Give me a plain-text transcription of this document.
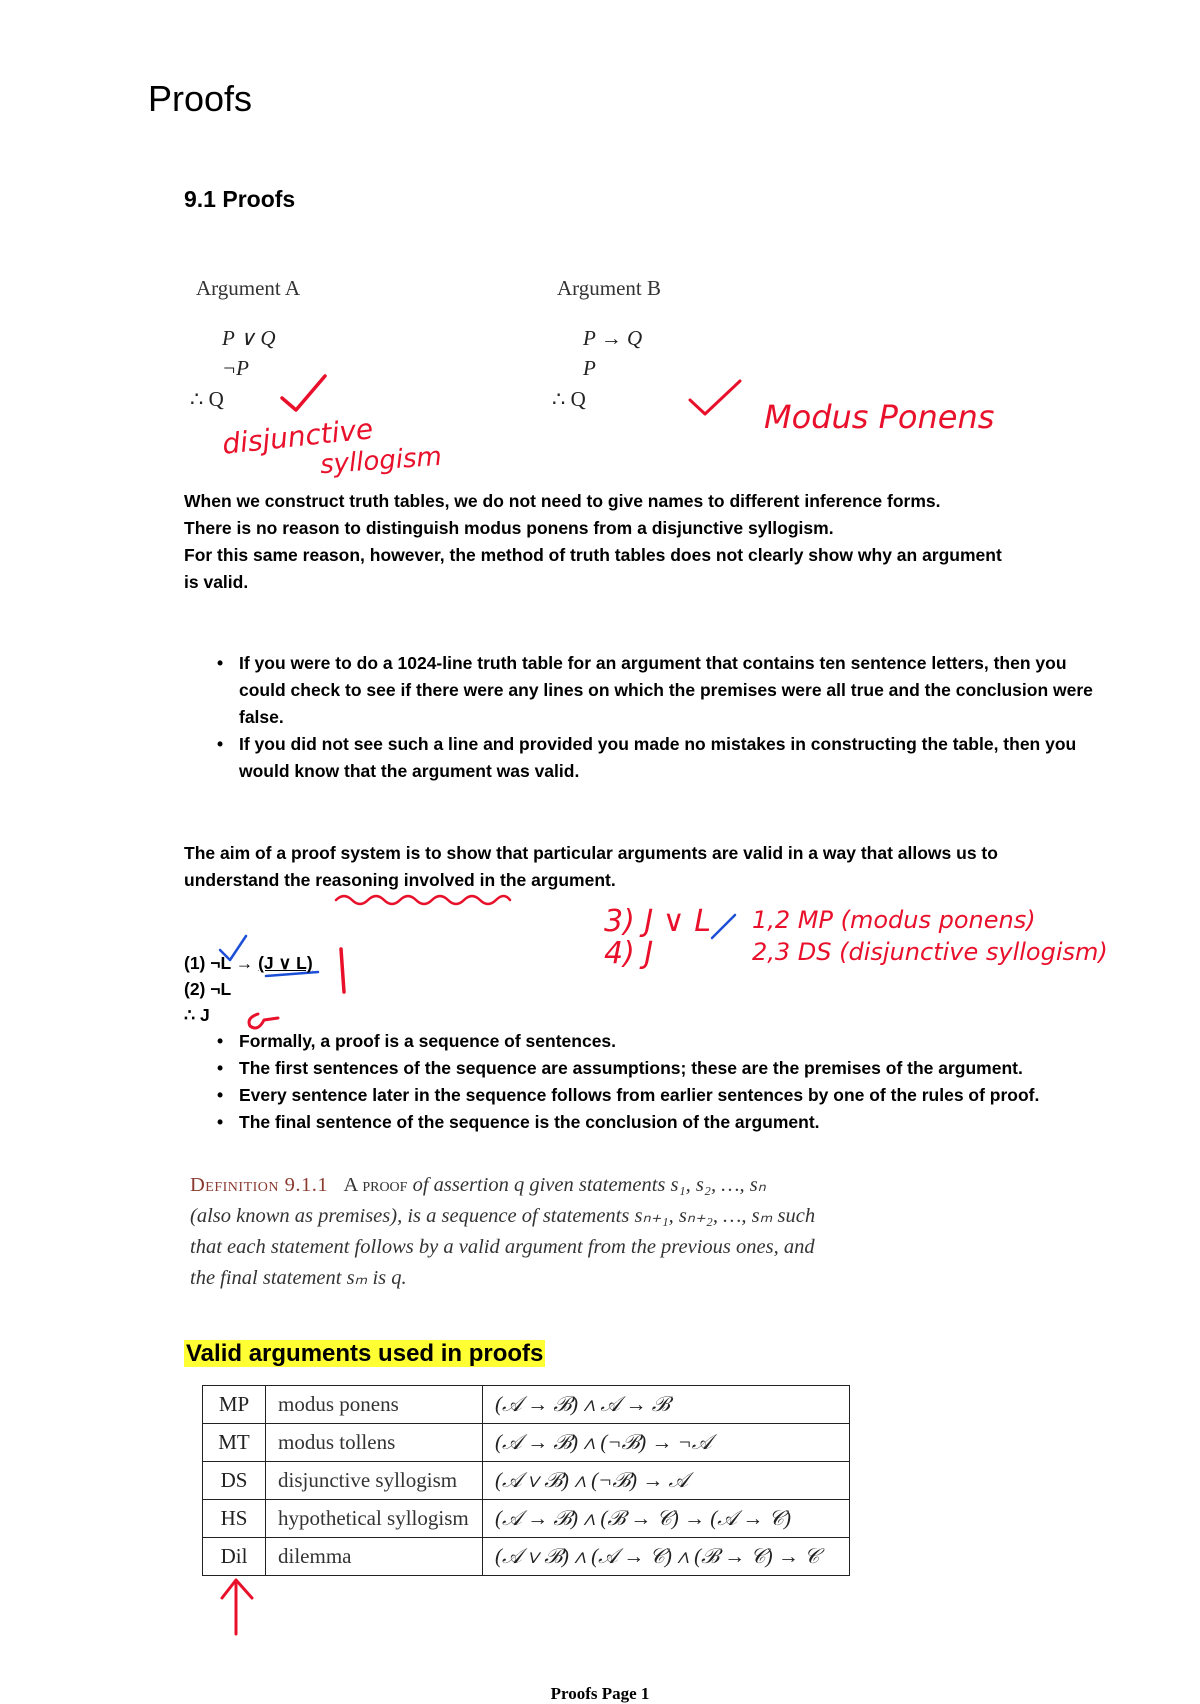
Proofs
9.1 Proofs
Argument A
P ∨ Q
¬P
∴ Q
Argument B
P → Q
P
∴ Q
disjunctive
syllogism
Modus Ponens

When we construct truth tables, we do not need to give names to different inference forms.

There is no reason to distinguish modus ponens from a disjunctive syllogism.

For this same reason, however, the method of truth tables does not clearly show why an argument

is valid.

• If you were to do a 1024-line truth table for an argument that contains ten sentence letters, then you could check to see if there were any lines on which the premises were all true and the conclusion were false.
• If you did not see such a line and provided you made no mistakes in constructing the table, then you would know that the argument was valid.

The aim of a proof system is to show that particular arguments are valid in a way that allows us to

understand the reasoning involved in the argument.

3) J ∨ L
4) J
1,2 MP (modus ponens)
2,3 DS (disjunctive syllogism)
(1) ¬L → (J ∨ L)
(2) ¬L
∴ J
• Formally, a proof is a sequence of sentences.
• The first sentences of the sequence are assumptions; these are the premises of the argument.
• Every sentence later in the sequence follows from earlier sentences by one of the rules of proof.
• The final sentence of the sequence is the conclusion of the argument.
Definition 9.1.1 A proof of assertion q given statements s₁, s₂, …, sₙ
(also known as premises), is a sequence of statements sₙ₊₁, sₙ₊₂, …, sₘ such
that each statement follows by a valid argument from the previous ones, and
the final statement sₘ is q.
Valid arguments used in proofs
MP	modus ponens	(𝒜 → ℬ) ∧ 𝒜 → ℬ
MT	modus tollens	(𝒜 → ℬ) ∧ (¬ℬ) → ¬𝒜
DS	disjunctive syllogism	(𝒜 ∨ ℬ) ∧ (¬ℬ) → 𝒜
HS	hypothetical syllogism	(𝒜 → ℬ) ∧ (ℬ → 𝒞) → (𝒜 → 𝒞)
Dil	dilemma	(𝒜 ∨ ℬ) ∧ (𝒜 → 𝒞) ∧ (ℬ → 𝒞) → 𝒞
Proofs Page 1
